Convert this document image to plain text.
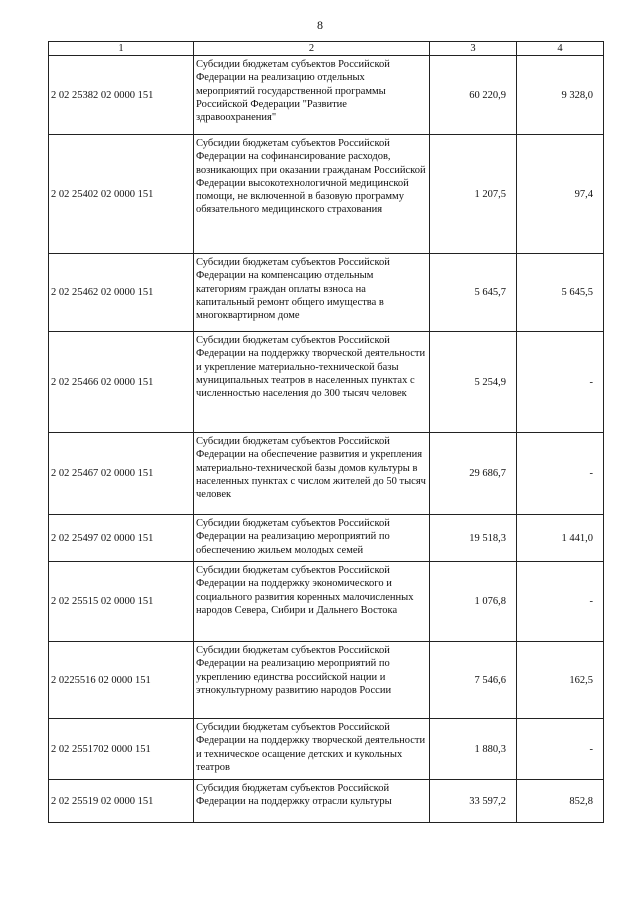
8
1	2	3	4
2 02 25382 02 0000 151	Субсидии бюджетам субъектов Российской Федерации на реализацию отдельных мероприятий государственной программы Российской Федерации "Развитие здравоохранения"	60 220,9	9 328,0
2 02 25402 02 0000 151	Субсидии бюджетам субъектов Российской Федерации на софинансирование расходов, возникающих при оказании гражданам Российской Федерации высокотехнологичной медицинской помощи, не включенной в базовую программу обязательного медицинского страхования	1 207,5	97,4
2 02 25462 02 0000 151	Субсидии бюджетам субъектов Российской Федерации на компенсацию отдельным категориям граждан оплаты взноса на капитальный ремонт общего имущества в многоквартирном доме	5 645,7	5 645,5
2 02 25466 02 0000 151	Субсидии бюджетам субъектов Российской Федерации на поддержку творческой деятельности и укрепление материально-технической базы муниципальных театров в населенных пунктах с численностью населения до 300 тысяч человек	5 254,9	-
2 02 25467 02 0000 151	Субсидии бюджетам субъектов Российской Федерации на обеспечение развития и укрепления материально-технической базы домов культуры в населенных пунктах с числом жителей до 50 тысяч человек	29 686,7	-
2 02 25497 02 0000 151	Субсидии бюджетам субъектов Российской Федерации на реализацию мероприятий по обеспечению жильем молодых семей	19 518,3	1 441,0
2 02 25515 02 0000 151	Субсидии бюджетам субъектов Российской Федерации на поддержку экономического и социального развития коренных малочисленных народов Севера, Сибири и Дальнего Востока	1 076,8	-
2 0225516 02 0000 151	Субсидии бюджетам субъектов Российской Федерации на реализацию мероприятий по укреплению единства российской нации и этнокультурному развитию народов России	7 546,6	162,5
2 02 2551702 0000 151	Субсидии бюджетам субъектов Российской Федерации на поддержку творческой деятельности и техническое осащение детских и кукольных театров	1 880,3	-
2 02 25519 02 0000 151	Субсидия бюджетам субъектов Российской Федерации на поддержку отрасли культуры	33 597,2	852,8
